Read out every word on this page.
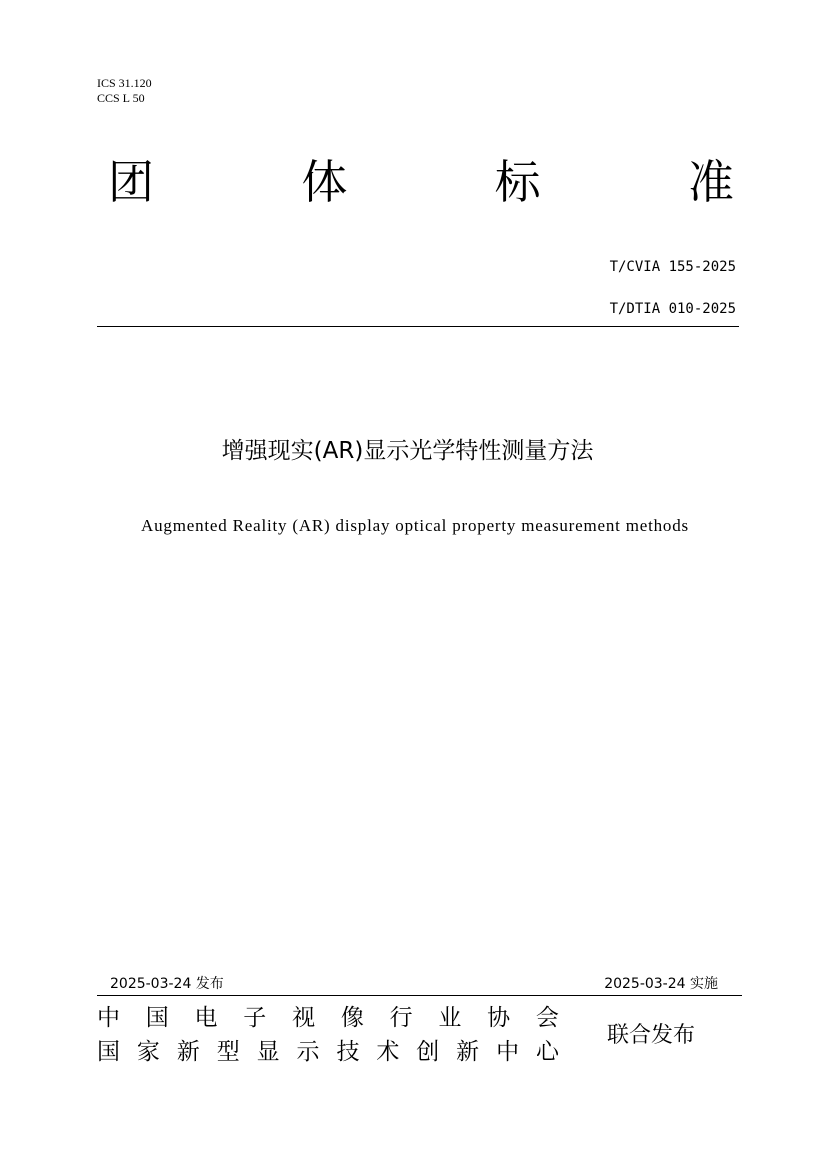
ICS 31.120
CCS L 50
团	体	标	准
T/CVIA 155-2025
T/DTIA 010-2025
增强现实(AR)显示光学特性测量方法
Augmented Reality (AR) display optical property measurement methods
2025-03-24 发布	2025-03-24 实施
中 国 电 子 视 像 行 业 协 会
国 家 新 型 显 示 技 术 创 新 中 心
联合发布
